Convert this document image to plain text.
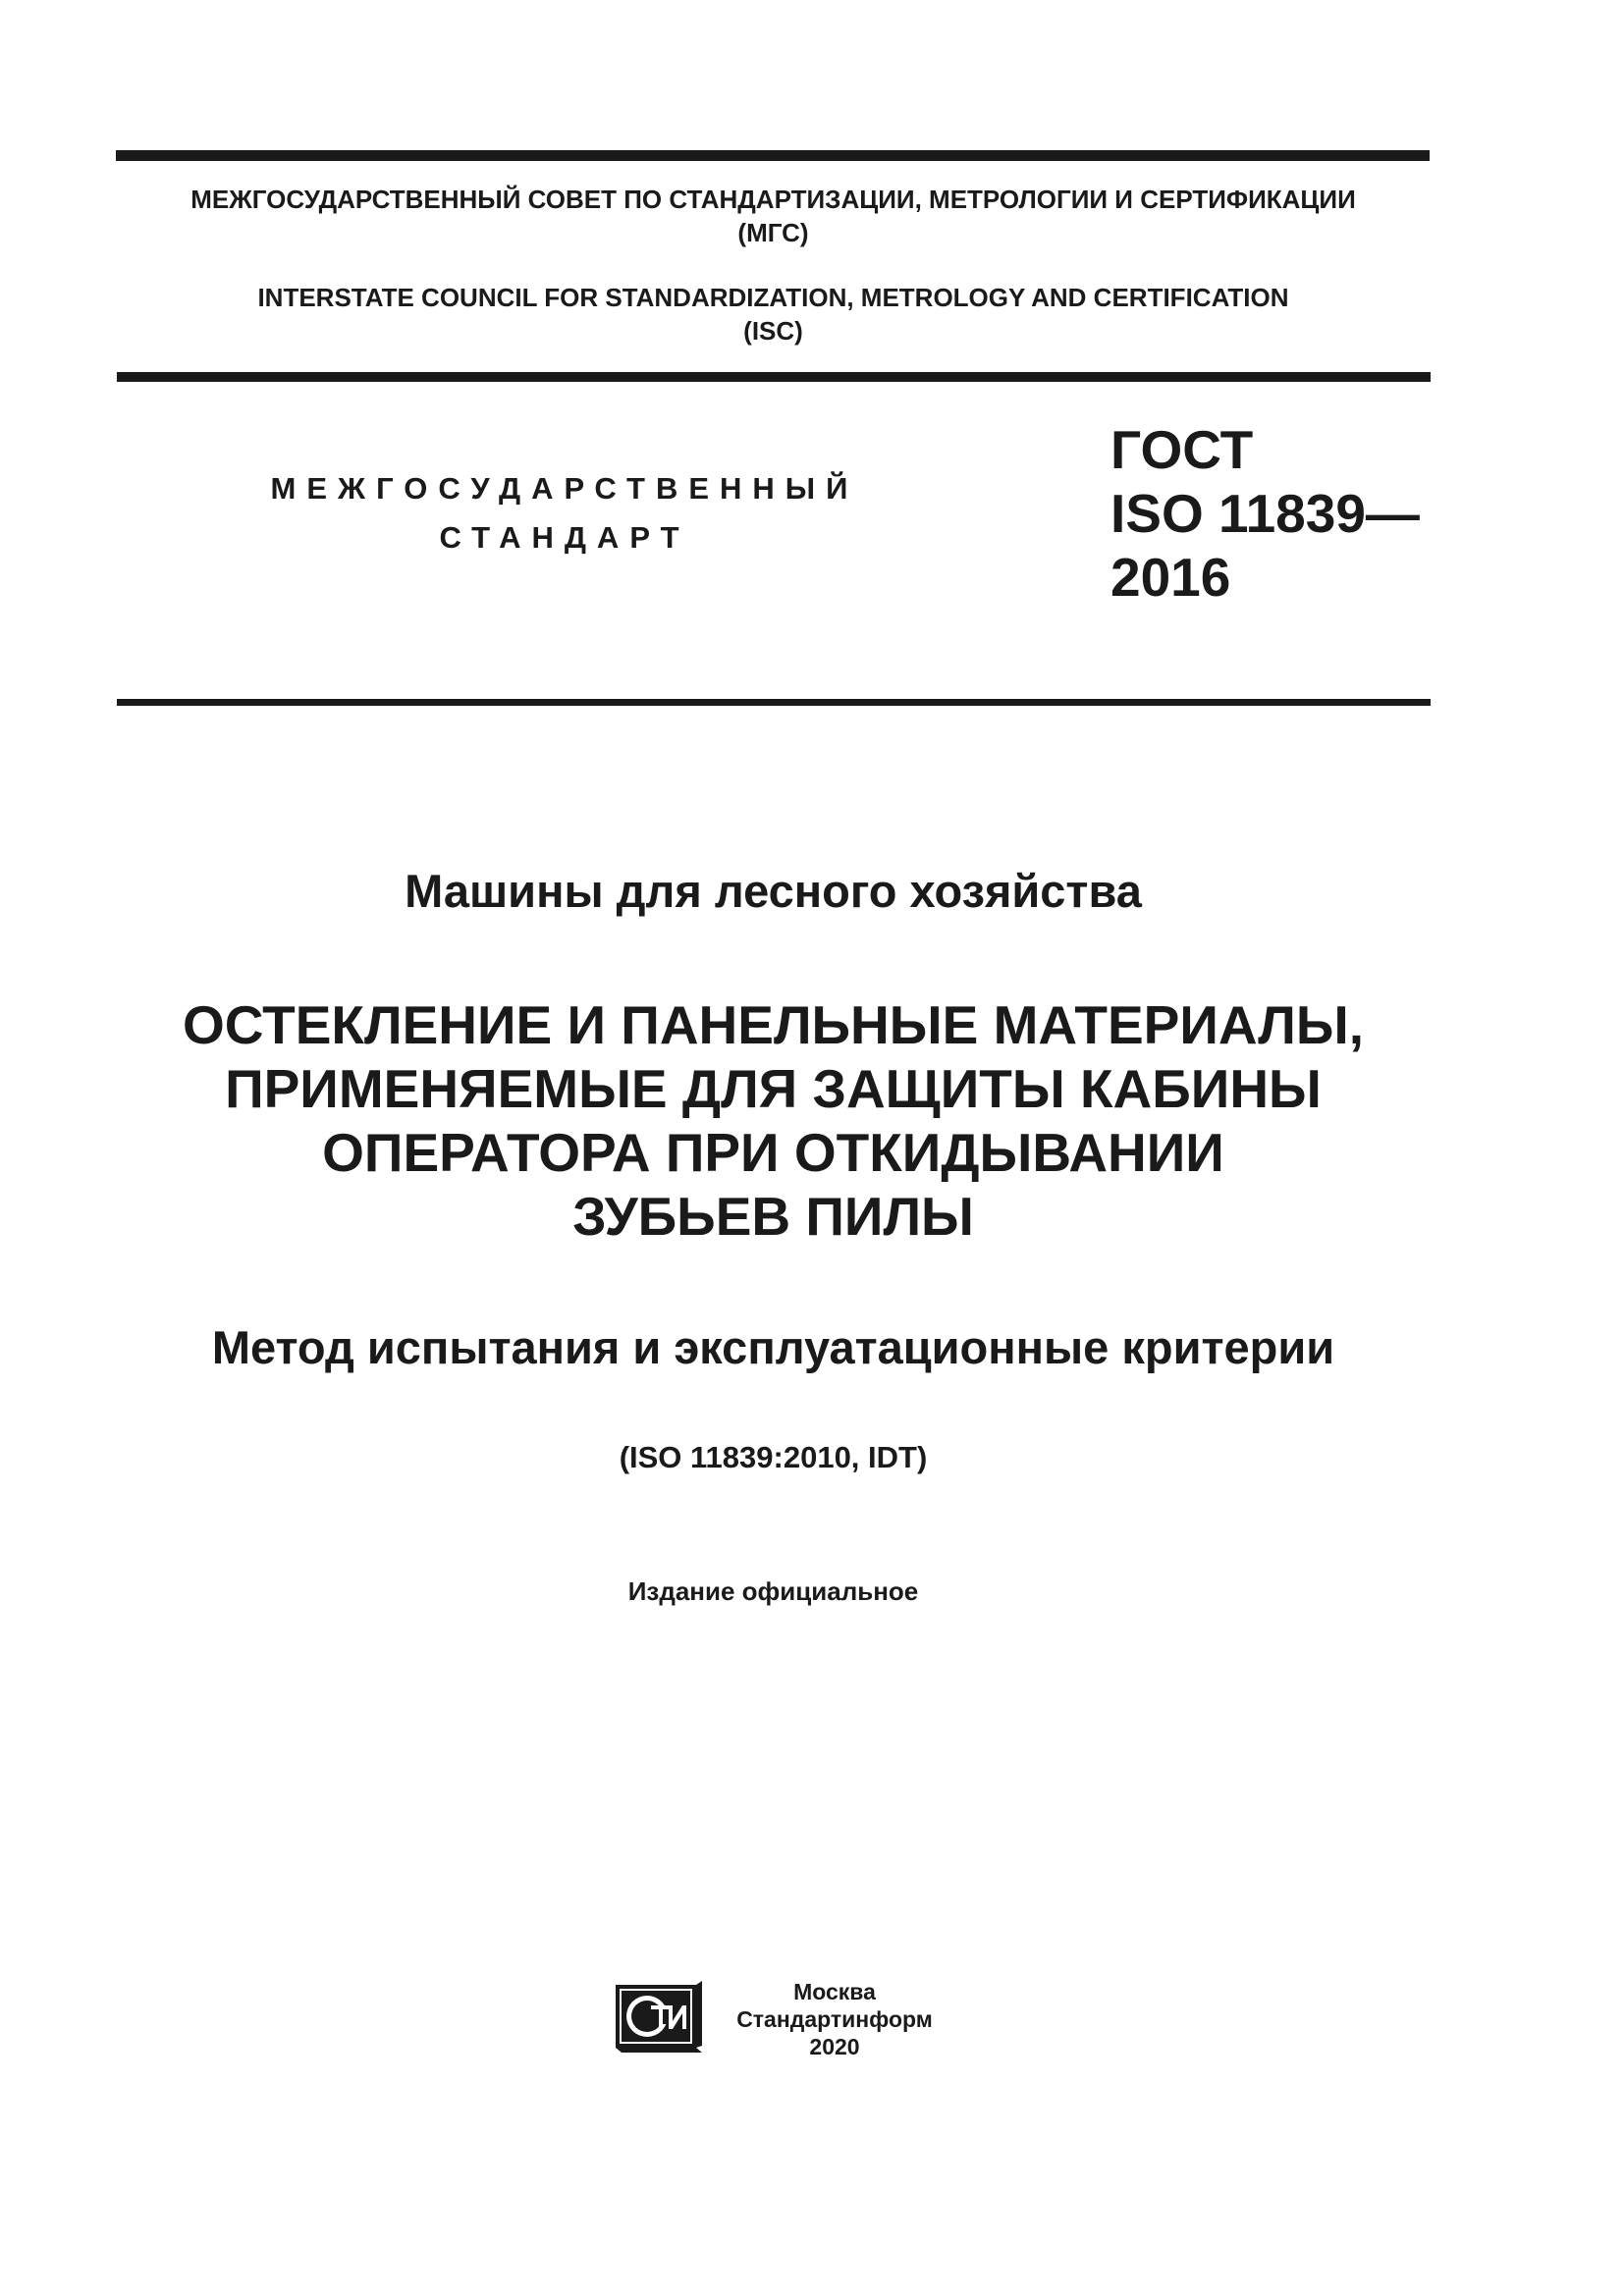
МЕЖГОСУДАРСТВЕННЫЙ СОВЕТ ПО СТАНДАРТИЗАЦИИ, МЕТРОЛОГИИ И СЕРТИФИКАЦИИ
(МГС)
INTERSTATE COUNCIL FOR STANDARDIZATION, METROLOGY AND CERTIFICATION
(ISC)
МЕЖГОСУДАРСТВЕННЫЙ
СТАНДАРТ
ГОСТ
ISO 11839—
2016
Машины для лесного хозяйства
ОСТЕКЛЕНИЕ И ПАНЕЛЬНЫЕ МАТЕРИАЛЫ,
ПРИМЕНЯЕМЫЕ ДЛЯ ЗАЩИТЫ КАБИНЫ
ОПЕРАТОРА ПРИ ОТКИДЫВАНИИ
ЗУБЬЕВ ПИЛЫ
Метод испытания и эксплуатационные критерии
(ISO 11839:2010, IDT)
Издание официальное
Москва
Стандартинформ
2020
